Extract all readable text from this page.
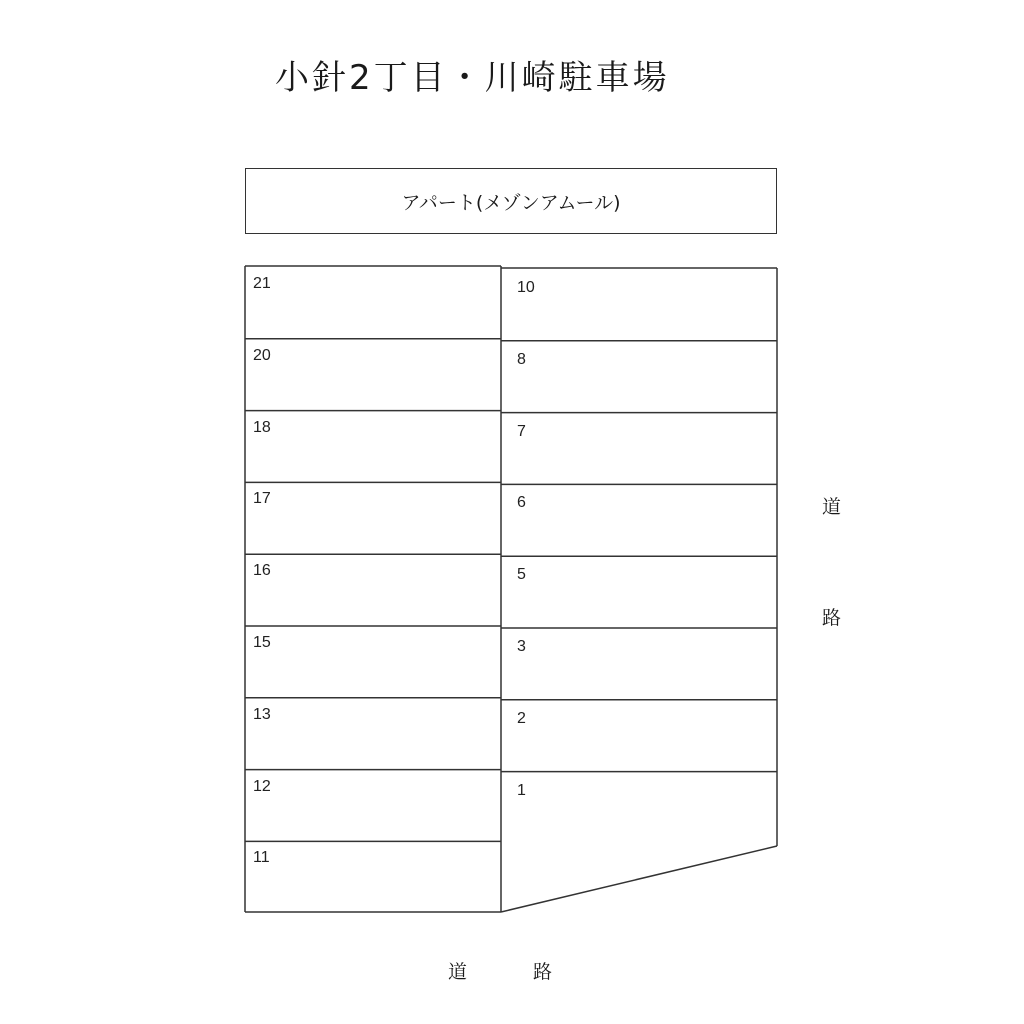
小針2丁目・川崎駐車場
アパート(メゾンアムール)
21
20
18
17
16
15
13
12
11
10
8
7
6
5
3
2
1
道
路
道	路
